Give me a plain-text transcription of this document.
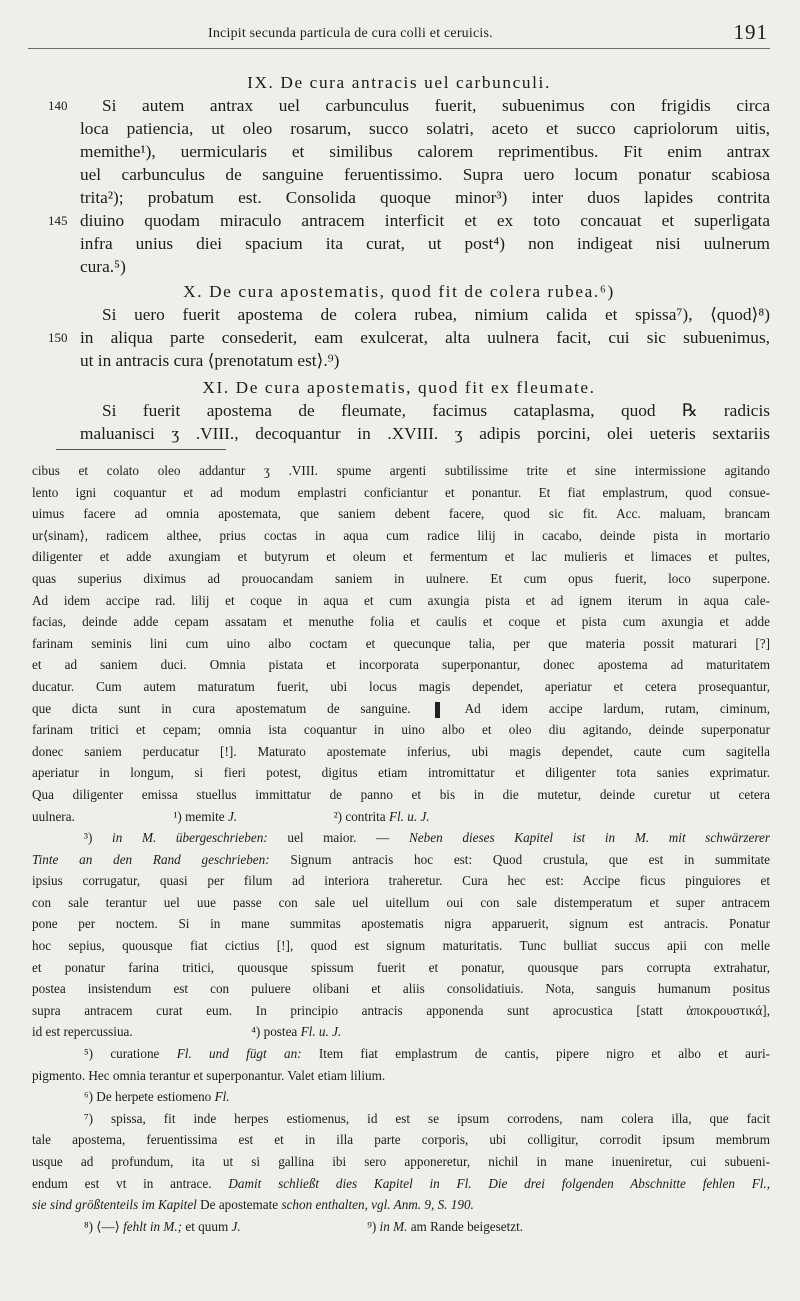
Incipit secunda particula de cura colli et ceruicis.	191

IX. De cura antracis uel carbunculi.

140	Si autem antrax uel carbunculus fuerit, subuenimus con frigidis circa
loca patiencia, ut oleo rosarum, succo solatri, aceto et succo capriolorum uitis,
memithe¹), uermicularis et similibus calorem reprimentibus. Fit enim antrax
uel carbunculus de sanguine feruentissimo. Supra uero locum ponatur scabiosa
trita²); probatum est. Consolida quoque minor³) inter duos lapides contrita
145 diuino quodam miraculo antracem interficit et ex toto concauat et superligata
infra unius diei spacium ita curat, ut post⁴) non indigeat nisi uulnerum
cura.⁵)

X. De cura apostematis, quod fit de colera rubea.⁶)

Si uero fuerit apostema de colera rubea, nimium calida et spissa⁷), ⟨quod⟩⁸)
150 in aliqua parte consederit, eam exulcerat, alta uulnera facit, cui sic subuenimus,
ut in antracis cura ⟨prenotatum est⟩.⁹)

XI. De cura apostematis, quod fit ex fleumate.

Si fuerit apostema de fleumate, facimus cataplasma, quod ℞ radicis
maluanisci ʒ .VIII., decoquantur in .XVIII. ʒ adipis porcini, olei ueteris sextariis
cibus et colato oleo addantur ʒ .VIII. spume argenti subtilissime trite et sine intermissione agitando
lento igni coquantur et ad modum emplastri conficiantur et ponantur. Et fiat emplastrum, quod consue-
uimus facere ad omnia apostemata, que saniem debent facere, quod sic fit. Acc. maluam, brancam
ur⟨sinam⟩, radicem althee, prius coctas in aqua cum radice lilij in cacabo, deinde pista in mortario
diligenter et adde axungiam et butyrum et oleum et fermentum et lac mulieris et limaces et pultes,
quas superius diximus ad prouocandam saniem in uulnere. Et cum opus fuerit, loco superpone.
Ad idem accipe rad. lilij et coque in aqua et cum axungia pista et ad ignem iterum in aqua cale-
facias, deinde adde cepam assatam et menuthe folia et caulis et coque et pista cum axungia et adde
farinam seminis lini cum uino albo coctam et quecunque talia, per que materia possit maturari [?]
et ad saniem duci. Omnia pistata et incorporata superponantur, donec apostema ad maturitatem
ducatur. Cum autem maturatum fuerit, ubi locus magis dependet, aperiatur et cetera prosequantur,
que dicta sunt in cura apostematum de sanguine.	Ad idem accipe lardum, rutam, ciminum,
farinam tritici et cepam; omnia ista coquantur in uino albo et oleo diu agitando, deinde superponatur
donec saniem perducatur [!]. Maturato apostemate inferius, ubi magis dependet, caute cum sagitella
aperiatur in longum, si fieri potest, digitus etiam intromittatur et diligenter tota sanies exprimatur.
Qua diligenter emissa stuellus immittatur de panno et bis in die mutetur, deinde curetur ut cetera
uulnera.	¹) memite J.	²) contrita Fl. u. J.
³) in M. übergeschrieben: uel maior. — Neben dieses Kapitel ist in M. mit schwärzerer
Tinte an den Rand geschrieben: Signum antracis hoc est: Quod crustula, que est in summitate
ipsius corrugatur, quasi per filum ad interiora traheretur. Cura hec est: Accipe ficus pinguiores et
con sale terantur uel uue passe con sale uel uitellum oui con sale distemperatum et super antracem
pone per noctem. Si in mane summitas apostematis nigra apparuerit, signum est antracis. Ponatur
hoc sepius, quousque fiat cictius [!], quod est signum maturitatis. Tunc bulliat succus apii con melle
et ponatur farina tritici, quousque spissum fuerit et ponatur, quousque pars corrupta extrahatur,
postea insistendum est con puluere olibani et aliis consolidatiuis. Nota, sanguis humanum positus
supra antracem curat eum. In principio antracis apponenda sunt aprocustica [statt ἀποκρουστικά],
id est repercussiua.	⁴) postea Fl. u. J.
⁵) curatione Fl. und fügt an: Item fiat emplastrum de cantis, pipere nigro et albo et auri-
pigmento. Hec omnia terantur et superponantur. Valet etiam lilium.
⁶) De herpete estiomeno Fl.
⁷) spissa, fit inde herpes estiomenus, id est se ipsum corrodens, nam colera illa, que facit
tale apostema, feruentissima est et in illa parte corporis, ubi colligitur, corrodit ipsum membrum
usque ad profundum, ita ut si gallina ibi sero apponeretur, nichil in mane inueniretur, cui subueni-
endum est vt in antrace. Damit schließt dies Kapitel in Fl. Die drei folgenden Abschnitte fehlen Fl.,
sie sind größtenteils im Kapitel De apostemate schon enthalten, vgl. Anm. 9, S. 190.
⁸) ⟨—⟩ fehlt in M.; et quum J.	⁹) in M. am Rande beigesetzt.
